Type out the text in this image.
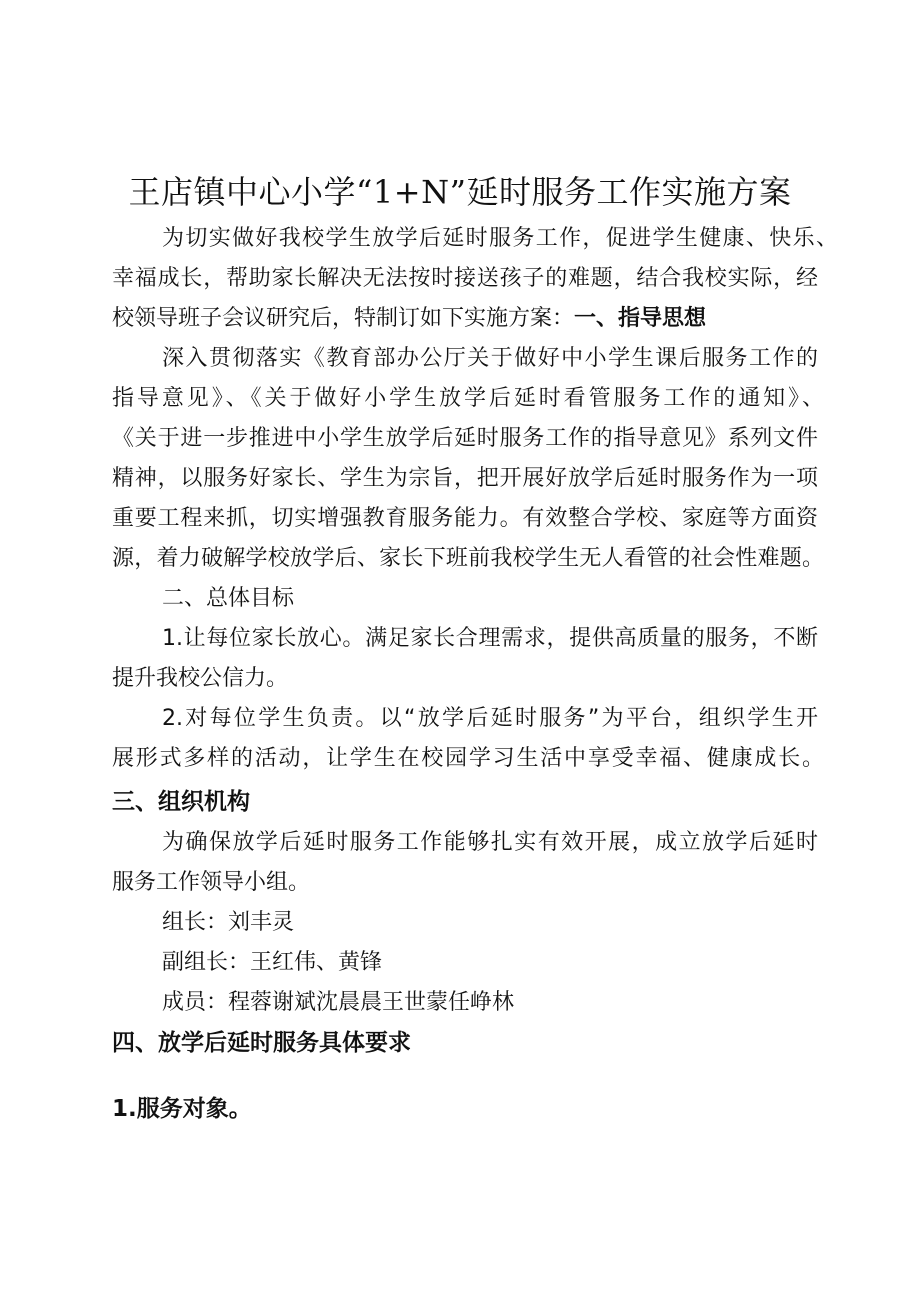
王店镇中心小学“1+N”延时服务工作实施方案
为切实做好我校学生放学后延时服务工作，促进学生健康、快乐、
幸福成长，帮助家长解决无法按时接送孩子的难题，结合我校实际，经
校领导班子会议研究后，特制订如下实施方案：一、指导思想
深入贯彻落实《教育部办公厅关于做好中小学生课后服务工作的
指导意见》、《关于做好小学生放学后延时看管服务工作的通知》、
《关于进一步推进中小学生放学后延时服务工作的指导意见》系列文件
精神，以服务好家长、学生为宗旨，把开展好放学后延时服务作为一项
重要工程来抓，切实增强教育服务能力。有效整合学校、家庭等方面资
源，着力破解学校放学后、家长下班前我校学生无人看管的社会性难题。
二、总体目标
1.让每位家长放心。满足家长合理需求，提供高质量的服务，不断
提升我校公信力。
2.对每位学生负责。以“放学后延时服务”为平台，组织学生开
展形式多样的活动，让学生在校园学习生活中享受幸福、健康成长。
三、组织机构
为确保放学后延时服务工作能够扎实有效开展，成立放学后延时
服务工作领导小组。
组长：刘丰灵
副组长：王红伟、黄锋
成员：程蓉谢斌沈晨晨王世蒙任峥林
四、放学后延时服务具体要求
1.服务对象。
